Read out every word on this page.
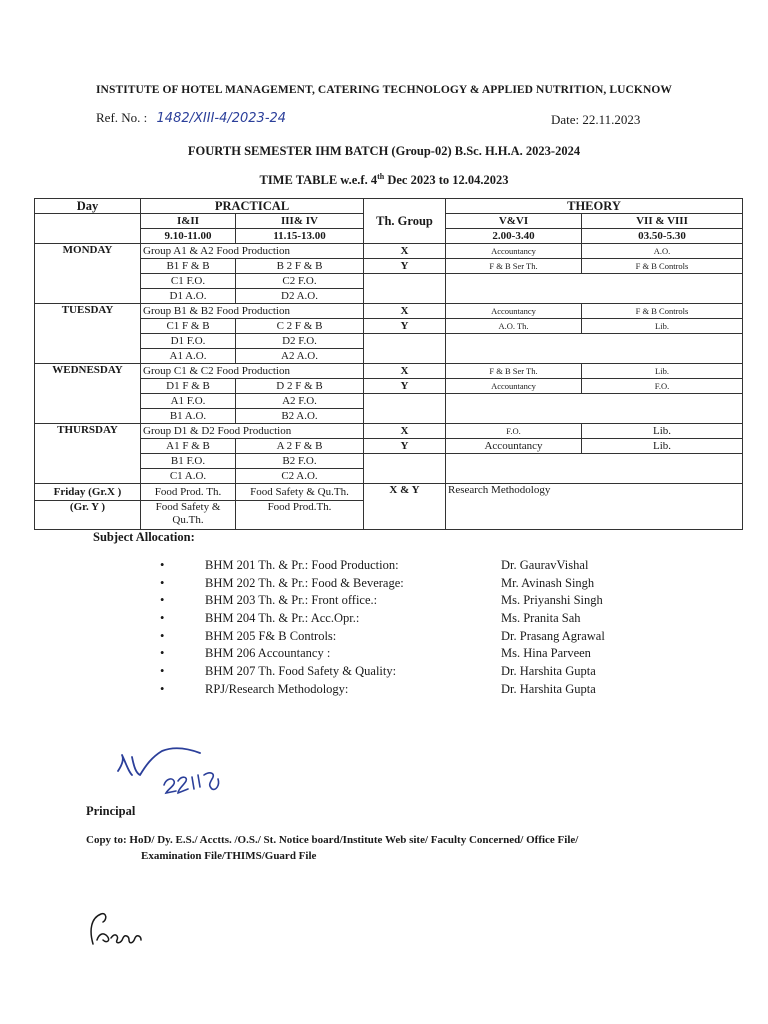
INSTITUTE OF HOTEL MANAGEMENT, CATERING TECHNOLOGY & APPLIED NUTRITION, LUCKNOW
Ref. No. : 1482/XIII-4/2023-24	Date: 22.11.2023
FOURTH SEMESTER IHM BATCH (Group-02) B.Sc. H.H.A. 2023-2024
TIME TABLE w.e.f. 4th Dec 2023 to 12.04.2023
Day	PRACTICAL		Th. Group	THEORY	
	I&II	III& IV		V&VI	VII & VIII
	9.10-11.00	11.15-13.00		2.00-3.40	03.50-5.30
MONDAY	Group A1 & A2 Food Production		X	Accountancy	A.O.
	B1 F & B	B 2 F & B	Y	F & B Ser Th.	F & B Controls
	C1 F.O.	C2 F.O.			
	D1 A.O.	D2 A.O.			
TUESDAY	Group B1 & B2 Food Production		X	Accountancy	F & B Controls
	C1 F & B	C 2 F & B	Y	A.O. Th.	Lib.
	D1 F.O.	D2 F.O.			
	A1 A.O.	A2 A.O.			
WEDNESDAY	Group C1 & C2 Food Production		X	F & B Ser Th.	Lib.
	D1 F & B	D 2 F & B	Y	Accountancy	F.O.
	A1 F.O.	A2 F.O.			
	B1 A.O.	B2 A.O.			
THURSDAY	Group D1 & D2 Food Production		X	F.O.	Lib.
	A1 F & B	A 2 F & B	Y	Accountancy	Lib.
	B1 F.O.	B2 F.O.			
	C1 A.O.	C2 A.O.			
Friday (Gr.X )	Food Prod. Th.	Food Safety & Qu.Th.	X & Y	Research Methodology	
(Gr. Y )	Food Safety & Qu.Th.	Food Prod.Th.			
Subject Allocation:
•	BHM 201 Th. & Pr.: Food Production:	Dr. GauravVishal
•	BHM 202 Th. & Pr.: Food & Beverage:	Mr. Avinash Singh
•	BHM 203 Th. & Pr.: Front office.:	Ms. Priyanshi Singh
•	BHM 204 Th. & Pr.: Acc.Opr.:	Ms. Pranita Sah
•	BHM 205 F& B Controls:	Dr. Prasang Agrawal
•	BHM 206 Accountancy :	Ms. Hina Parveen
•	BHM 207 Th. Food Safety & Quality:	Dr. Harshita Gupta
•	RPJ/Research Methodology:	Dr. Harshita Gupta
Principal
Copy to: HoD/ Dy. E.S./ Acctts. /O.S./ St. Notice board/Institute Web site/ Faculty Concerned/ Office File/
Examination File/THIMS/Guard File
